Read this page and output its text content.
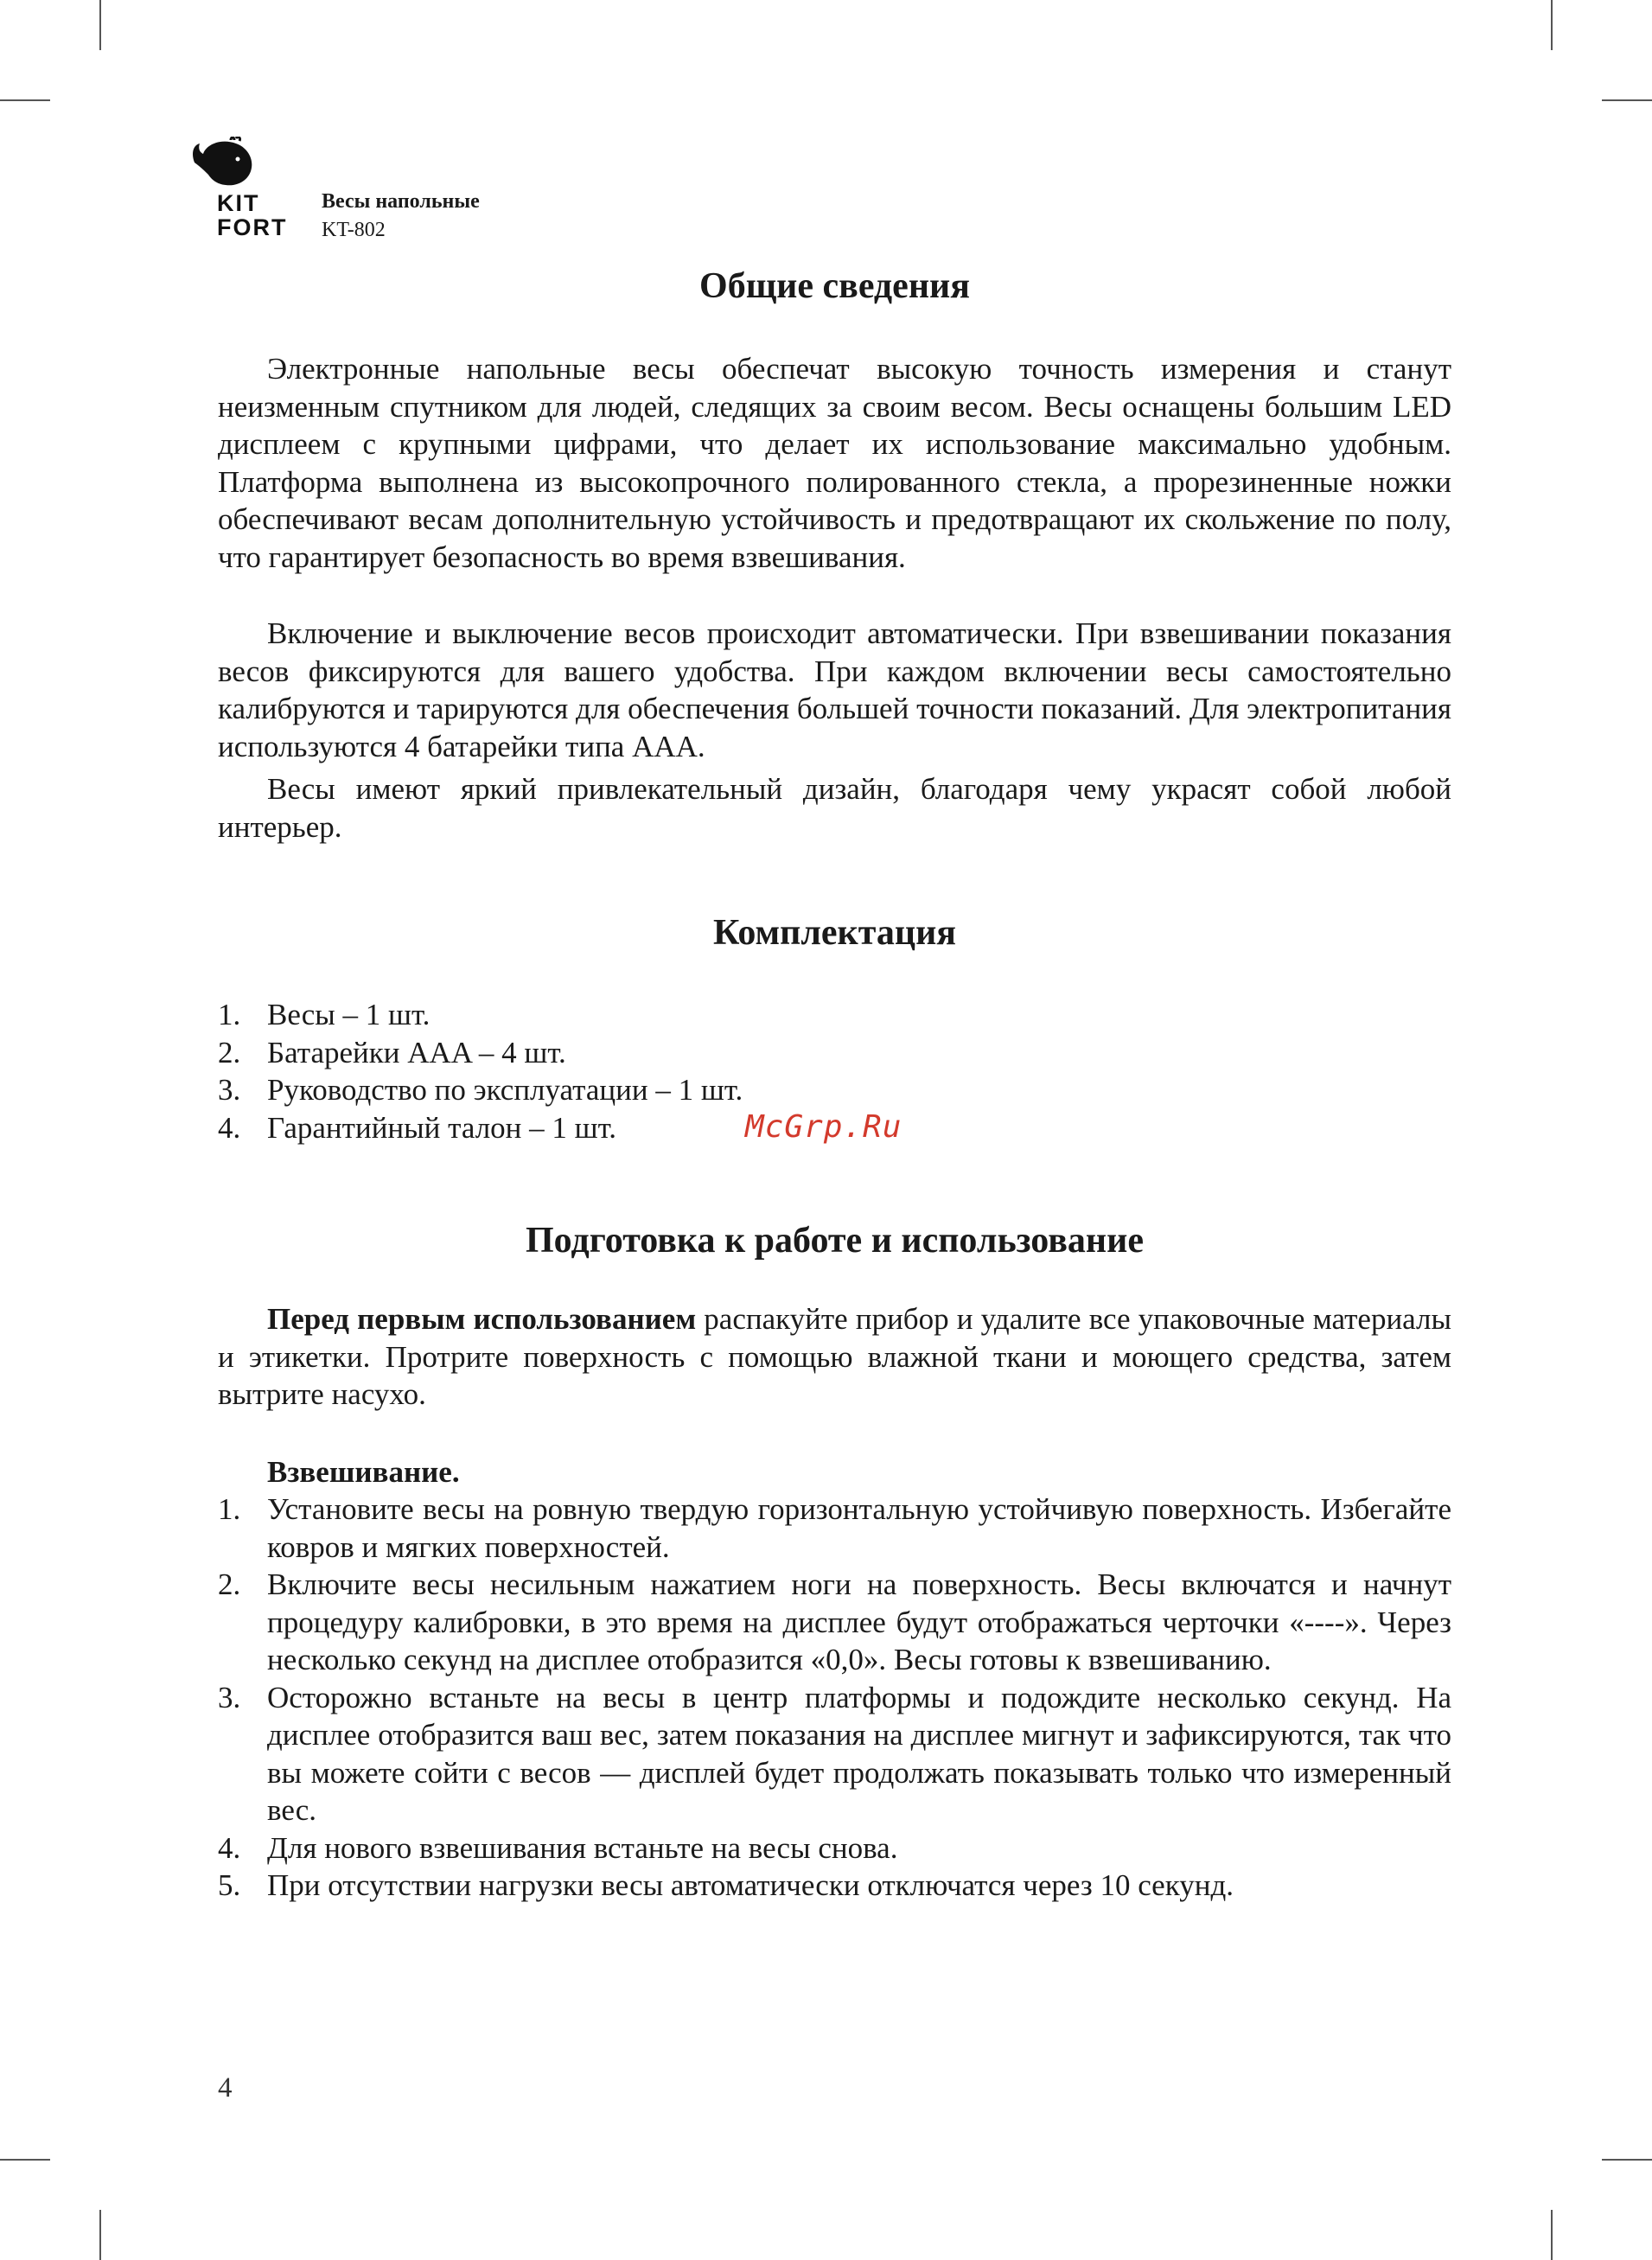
KIT
FORT
Весы напольные
KT-802
Общие сведения

Электронные напольные весы обеспечат высокую точность измерения и станут неизменным спутником для людей, следящих за своим весом. Весы оснащены большим LED дисплеем с крупными цифрами, что делает их использование максимально удобным. Платформа выполнена из высокопрочного полированного стекла, а прорезиненные ножки обеспечивают весам дополнительную устойчивость и предотвращают их скольжение по полу, что гарантирует безопасность во время взвешивания.

Включение и выключение весов происходит автоматически. При взвешивании показания весов фиксируются для вашего удобства. При каждом включении весы самостоятельно калибруются и тарируются для обеспечения большей точности показаний. Для электропитания используются 4 батарейки типа AAA.

Весы имеют яркий привлекательный дизайн, благодаря чему украсят собой любой интерьер.

Комплектация
1. Весы – 1 шт.
2. Батарейки AAA – 4 шт.
3. Руководство по эксплуатации – 1 шт.
4. Гарантийный талон – 1 шт.
Подготовка к работе и использование

Перед первым использованием распакуйте прибор и удалите все упаковочные материалы и этикетки. Протрите поверхность с помощью влажной ткани и моющего средства, затем вытрите насухо.

Взвешивание.
1. Установите весы на ровную твердую горизонтальную устойчивую поверхность. Избегайте ковров и мягких поверхностей.
2. Включите весы несильным нажатием ноги на поверхность. Весы включатся и начнут процедуру калибровки, в это время на дисплее будут отображаться черточки «----». Через несколько секунд на дисплее отобразится «0,0». Весы готовы к взвешиванию.
3. Осторожно встаньте на весы в центр платформы и подождите несколько секунд. На дисплее отобразится ваш вес, затем показания на дисплее мигнут и зафиксируются, так что вы можете сойти с весов — дисплей будет продолжать показывать только что измеренный вес.
4. Для нового взвешивания встаньте на весы снова.
5. При отсутствии нагрузки весы автоматически отключатся через 10 секунд.
McGrp.Ru
4
